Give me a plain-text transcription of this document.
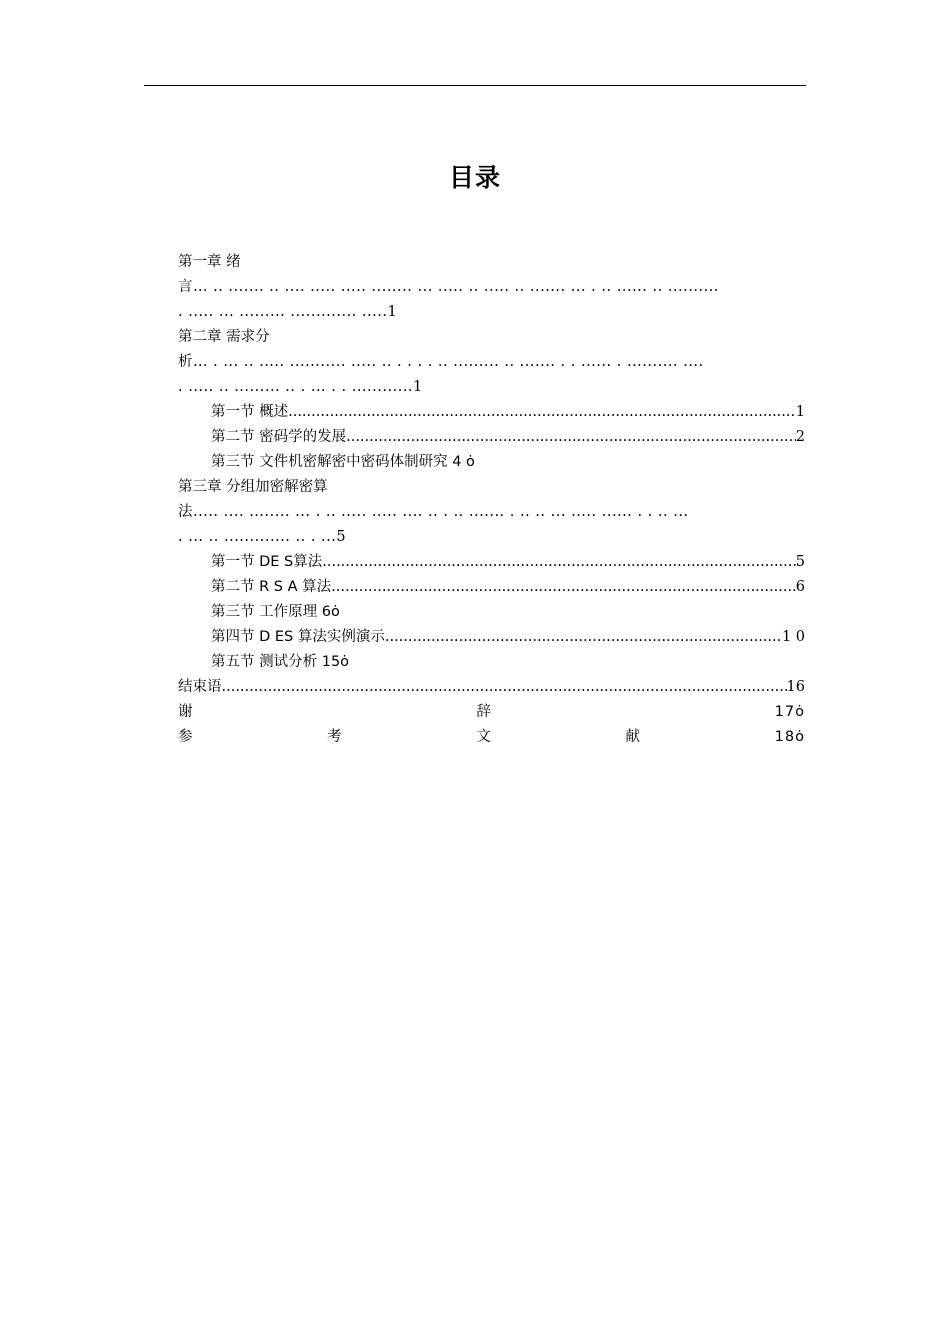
目录
第一章 绪
言… .. ....... .. .... ..... ..... ........ ... ..... .. ..... .. ....... ... . .. ...... .. ..........
. ..... ... ......... ............. .....1
第二章 需求分
析… . ... .. ..... ........... ..... .. . . . . .. ......... .. ....... . . ...... . .......... ....
. ..... .. ......... .. . ... . . ............1
第一节 概述 .....	1
第二节 密码学的发展 .....	2
第三节 文件机密解密中密码体制研究 4 ȯ
第三章 分组加密解密算
法..... .... ........ ... . .. ..... ..... .... .. . .. ....... . .. .. ... ..... ...... . . .. ...
. ... .. ............. .. . ...5
第一节 DE S算法 .....	5
第二节 R S A 算法 .....	6
第三节 工作原理 6ȯ
第四节 D ES 算法实例演示 .....	1 0
第五节 测试分析 15ȯ
结束语 .....	16
谢	辞	17ȯ
参	考	文	献	18ȯ
